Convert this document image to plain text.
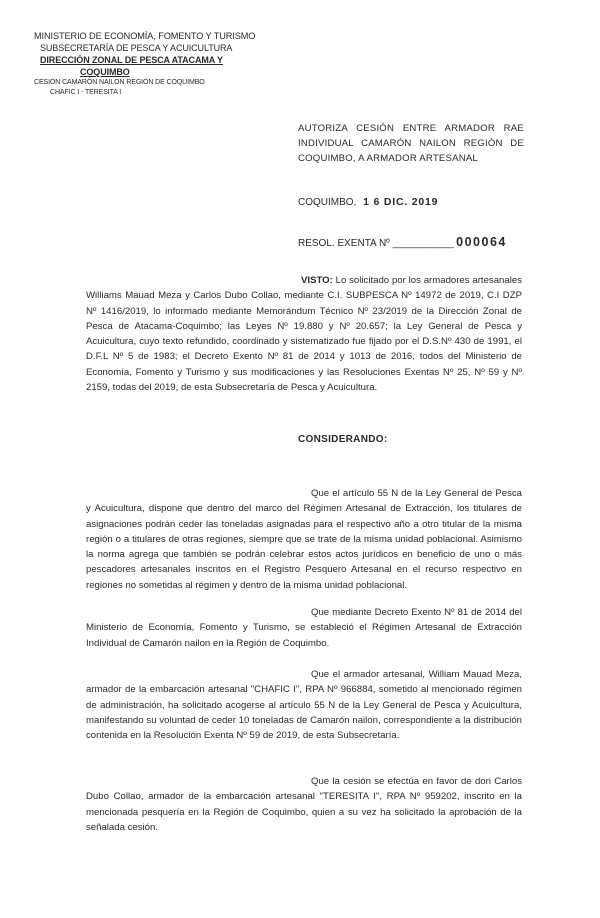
MINISTERIO DE ECONOMÍA, FOMENTO Y TURISMO
SUBSECRETARÍA DE PESCA Y ACUICULTURA
DIRECCIÓN ZONAL DE PESCA ATACAMA Y
COQUIMBO
CESIÓN CAMARÓN NAILON REGIÓN DE COQUIMBO
CHAFIC I - TERESITA I
AUTORIZA CESIÓN ENTRE ARMADOR RAE INDIVIDUAL CAMARÓN NAILON REGIÓN DE COQUIMBO, A ARMADOR ARTESANAL
COQUIMBO, 1 6 DIC. 2019
RESOL. EXENTA Nº ____________ 000064
VISTO: Lo solicitado por los armadores artesanales Williams Mauad Meza y Carlos Dubo Collao, mediante C.I. SUBPESCA Nº 14972 de 2019, C.I DZP Nº 1416/2019, lo informado mediante Memorándum Técnico Nº 23/2019 de la Dirección Zonal de Pesca de Atacama-Coquimbo; las Leyes Nº 19.880 y Nº 20.657; la Ley General de Pesca y Acuicultura, cuyo texto refundido, coordinado y sistematizado fue fijado por el D.S.Nº 430 de 1991, el D.F.L Nº 5 de 1983; el Decreto Exento Nº 81 de 2014 y 1013 de 2016, todos del Ministerio de Economía, Fomento y Turismo y sus modificaciones y las Resoluciones Exentas Nº 25, Nº 59 y Nº 2159, todas del 2019, de esta Subsecretaría de Pesca y Acuicultura.
CONSIDERANDO:
Que el artículo 55 N de la Ley General de Pesca y Acuicultura, dispone que dentro del marco del Régimen Artesanal de Extracción, los titulares de asignaciones podrán ceder las toneladas asignadas para el respectivo año a otro titular de la misma región o a titulares de otras regiones, siempre que se trate de la misma unidad poblacional. Asimismo la norma agrega que también se podrán celebrar estos actos jurídicos en beneficio de uno o más pescadores artesanales inscritos en el Registro Pesquero Artesanal en el recurso respectivo en regiones no sometidas al régimen y dentro de la misma unidad poblacional.
Que mediante Decreto Exento Nº 81 de 2014 del Ministerio de Economía, Fomento y Turismo, se estableció el Régimen Artesanal de Extracción Individual de Camarón nailon en la Región de Coquimbo.
Que el armador artesanal, William Mauad Meza, armador de la embarcación artesanal "CHAFIC I", RPA Nº 966884, sometido al mencionado régimen de administración, ha solicitado acogerse al artículo 55 N de la Ley General de Pesca y Acuicultura, manifestando su voluntad de ceder 10 toneladas de Camarón nailon, correspondiente a la distribución contenida en la Resolución Exenta Nº 59 de 2019, de esta Subsecretaría.
Que la cesión se efectúa en favor de don Carlos Dubo Collao, armador de la embarcación artesanal "TERESITA I", RPA Nº 959202, inscrito en la mencionada pesquería en la Región de Coquimbo, quien a su vez ha solicitado la aprobación de la señalada cesión.
